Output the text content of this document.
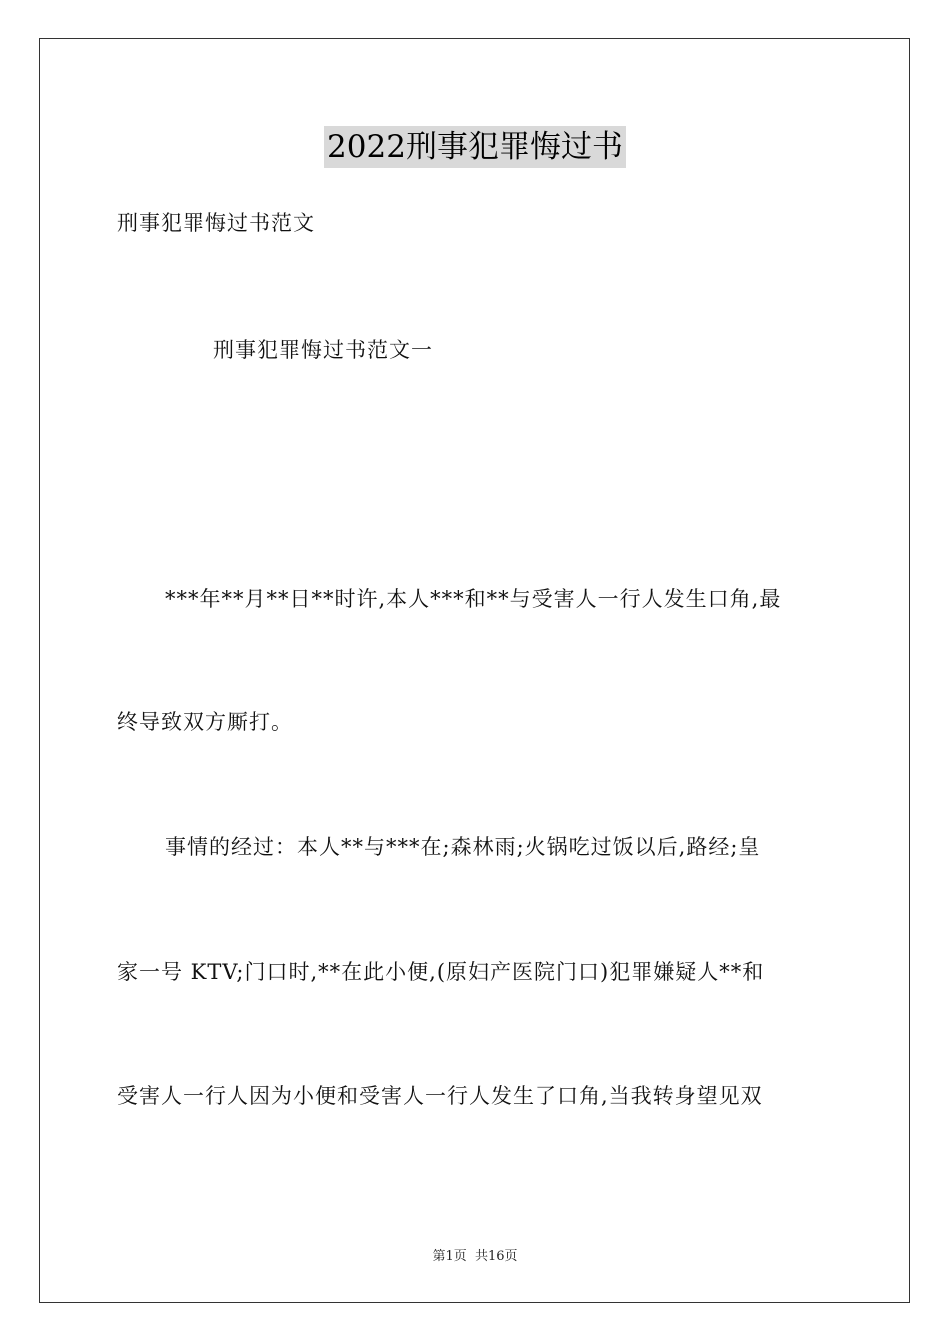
2022刑事犯罪悔过书
刑事犯罪悔过书范文
刑事犯罪悔过书范文一
***年**月**日**时许,本人***和**与受害人一行人发生口角,最
终导致双方厮打。
事情的经过：本人**与***在;森林雨;火锅吃过饭以后,路经;皇
家一号 KTV;门口时,**在此小便,(原妇产医院门口)犯罪嫌疑人**和
受害人一行人因为小便和受害人一行人发生了口角,当我转身望见双
第1页 共16页
